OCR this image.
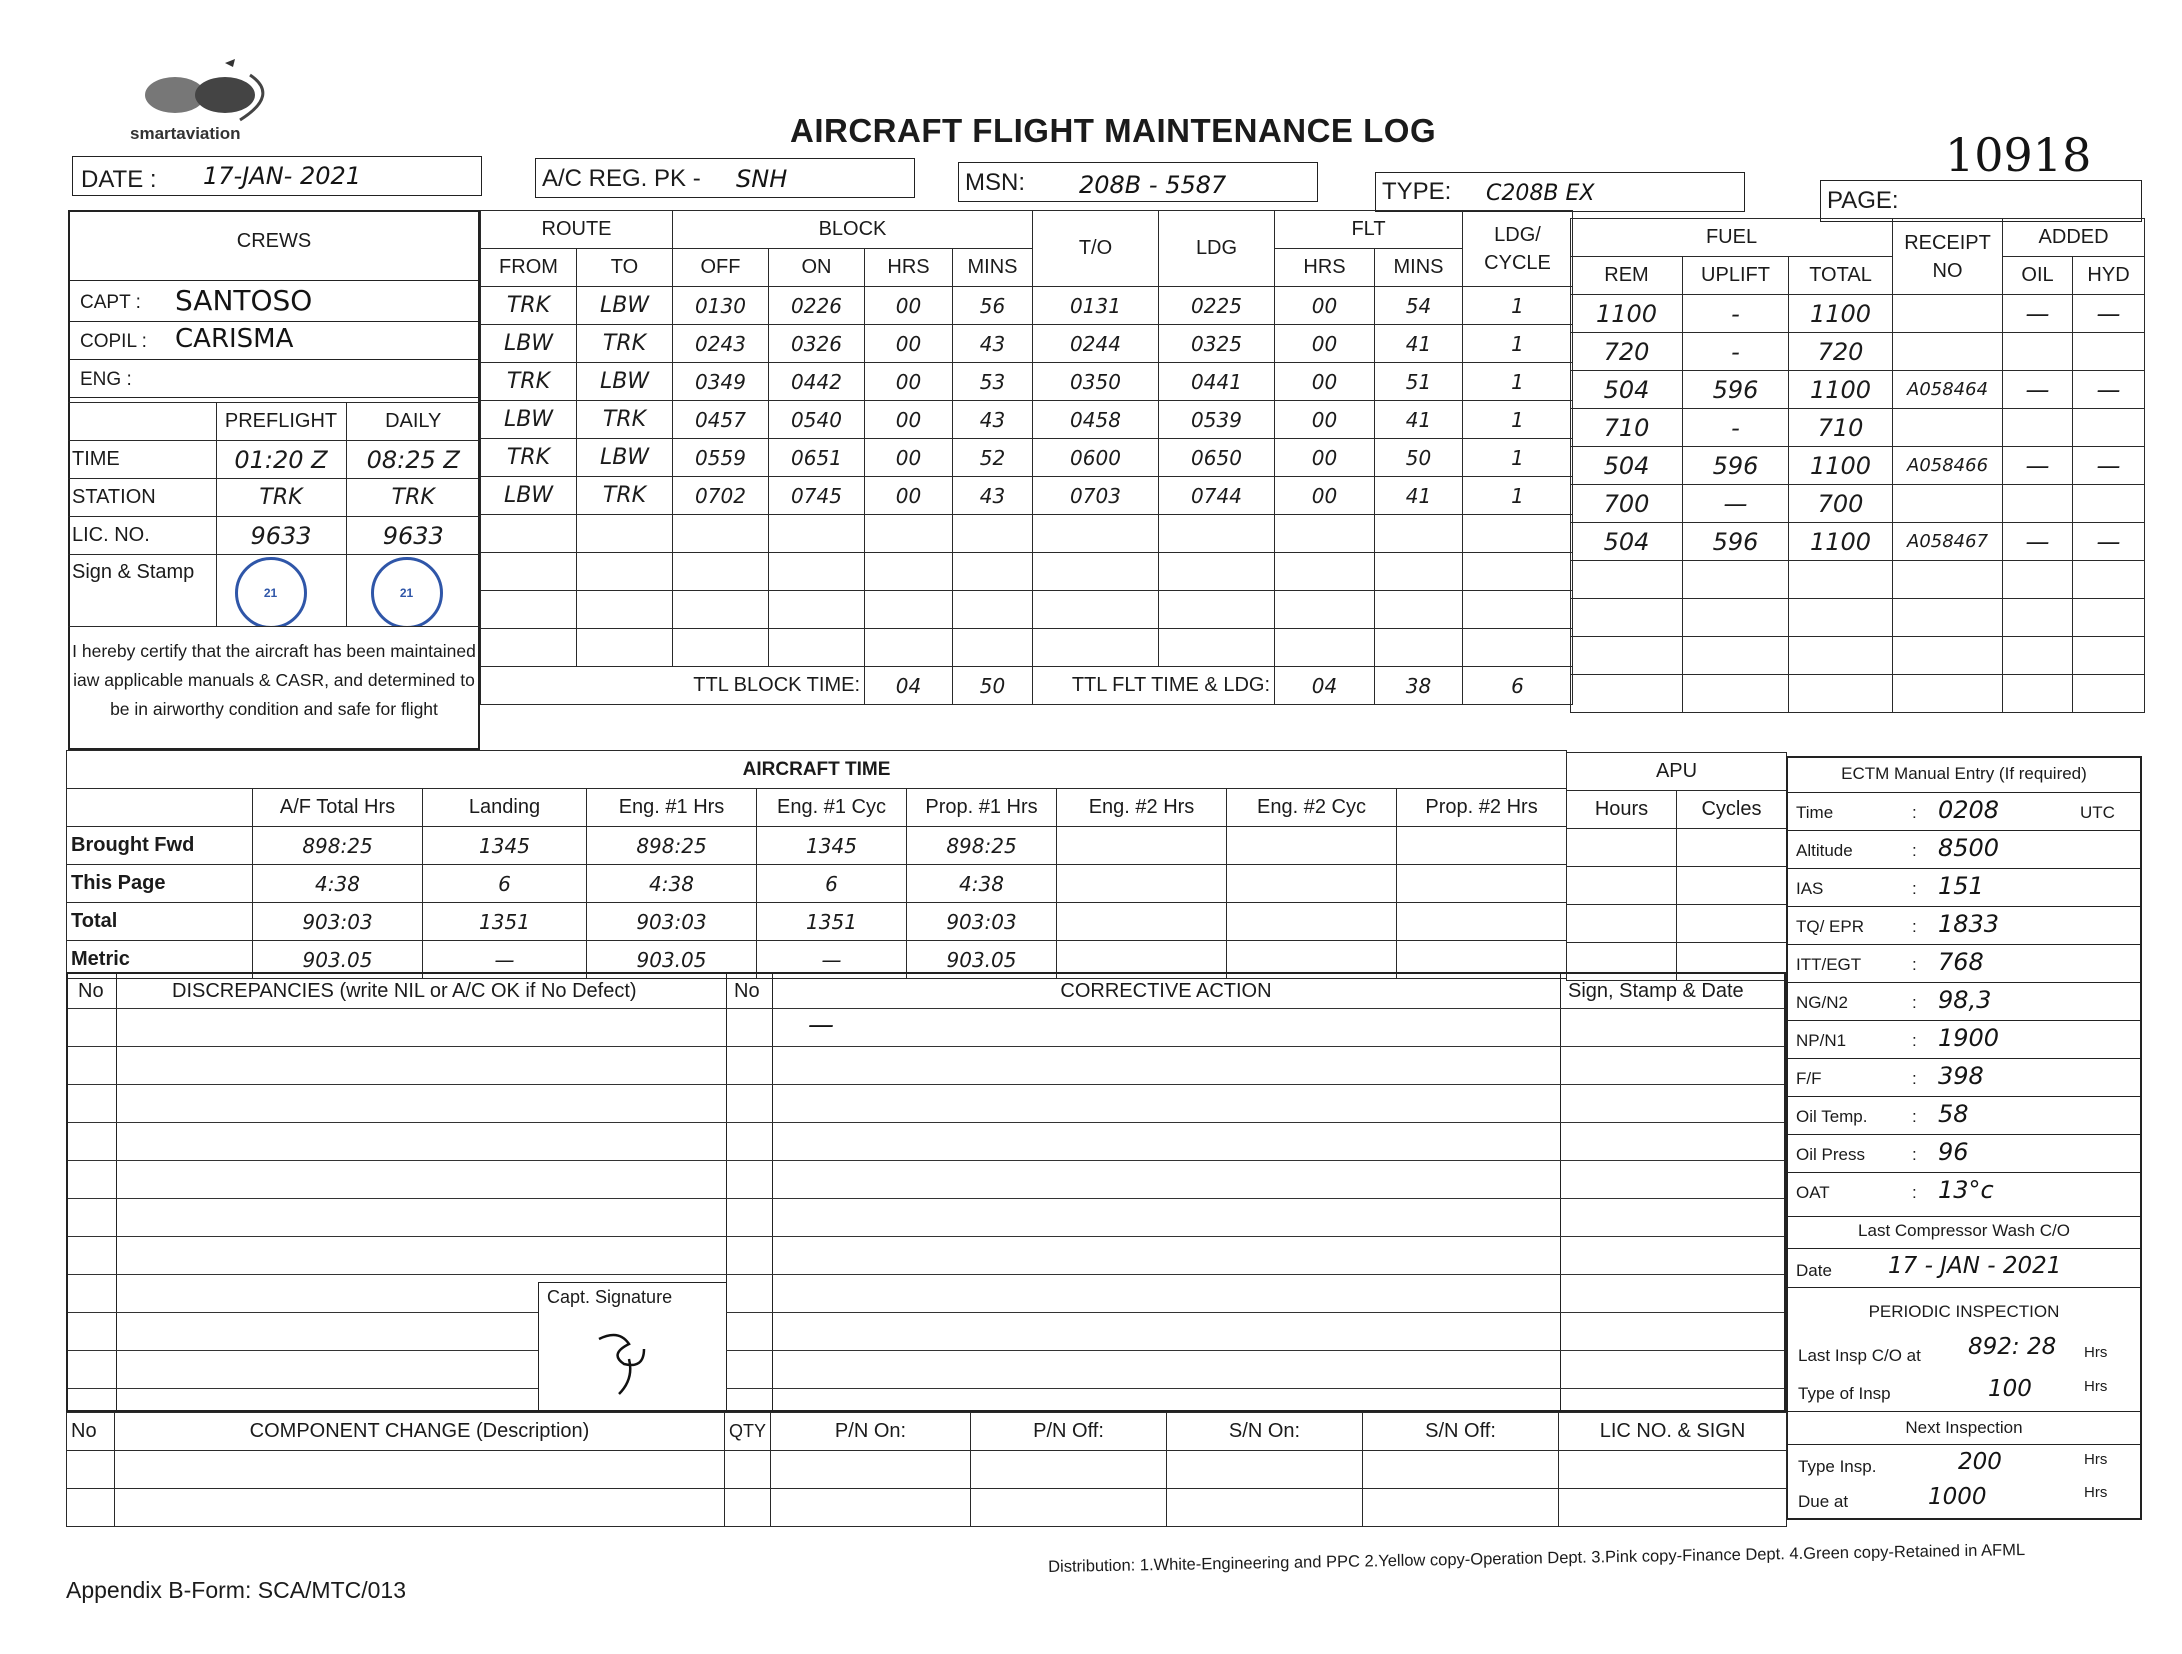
smartaviation	AIRCRAFT FLIGHT MAINTENANCE LOG	10918
DATE : 17-JAN- 2021	A/C REG. PK - SNH	MSN: 208B - 5587	TYPE: C208B EX	PAGE:
CREWS
CAPT : SANTOSO
COPIL : CARISMA
ENG :
	PREFLIGHT	DAILY
TIME	01:20 Z	08:25 Z
STATION	TRK	TRK
LIC. NO.	9633	9633
Sign & Stamp	21	21
I hereby certify that the aircraft has been maintained iaw applicable manuals & CASR, and determined to be in airworthy condition and safe for flight
ROUTE		BLOCK				T/O	LDG	FLT		LDG/ CYCLE
FROM	TO	OFF	ON	HRS	MINS			HRS	MINS	
TRK	LBW	0130	0226	00	56	0131	0225	00	54	1
LBW	TRK	0243	0326	00	43	0244	0325	00	41	1
TRK	LBW	0349	0442	00	53	0350	0441	00	51	1
LBW	TRK	0457	0540	00	43	0458	0539	00	41	1
TRK	LBW	0559	0651	00	52	0600	0650	00	50	1
LBW	TRK	0702	0745	00	43	0703	0744	00	41	1

TTL BLOCK TIME:				04	50	TTL FLT TIME & LDG:		04	38	6
FUEL			RECEIPT NO	ADDED	
REM	UPLIFT	TOTAL		OIL	HYD
1100	-	1100		—	—
720	-	720			
504	596	1100	A058464	—	—
710	-	710			
504	596	1100	A058466	—	—
700	—	700			
504	596	1100	A058467	—	—

AIRCRAFT TIME								
	A/F Total Hrs	Landing	Eng. #1 Hrs	Eng. #1 Cyc	Prop. #1 Hrs	Eng. #2 Hrs	Eng. #2 Cyc	Prop. #2 Hrs
Brought Fwd	898:25	1345	898:25	1345	898:25			
This Page	4:38	6	4:38	6	4:38			
Total	903:03	1351	903:03	1351	903:03			
Metric	903.05	—	903.05	—	903.05			
APU	
Hours	Cycles

ECTM Manual Entry (If required)
Time	: 0208	UTC
Altitude	: 8500
IAS	: 151
TQ/ EPR	: 1833
ITT/EGT	: 768
NG/N2	: 98,3
NP/N1	: 1900
F/F	: 398
Oil Temp.	: 58
Oil Press	: 96
OAT	: 13°c
Last Compressor Wash C/O
Date 17 - JAN - 2021
PERIODIC INSPECTION
Last Insp C/O at 892: 28 Hrs
Type of Insp	100	Hrs
Next Inspection
Type Insp.	200	Hrs
Due at	1000	Hrs
No	DISCREPANCIES (write NIL or A/C OK if No Defect)	No	CORRECTIVE ACTION	Sign, Stamp & Date
—
Capt. Signature
No	COMPONENT CHANGE (Description)	QTY	P/N On:	P/N Off:	S/N On:	S/N Off:	LIC NO. & SIGN

Appendix B-Form: SCA/MTC/013
Distribution: 1.White-Engineering and PPC 2.Yellow copy-Operation Dept. 3.Pink copy-Finance Dept. 4.Green copy-Retained in AFML
